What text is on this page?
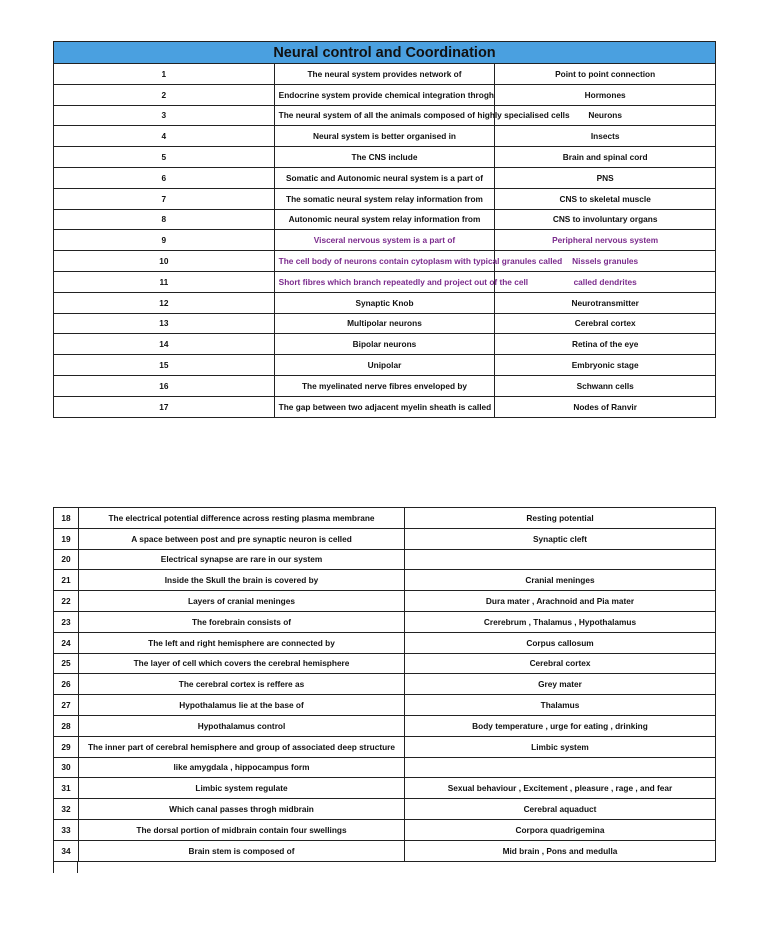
Neural control and Coordination		
1	The neural system provides network of	Point to point connection
2	Endocrine system provide chemical integration throgh	Hormones
3	The neural system of all the animals composed of highly specialised cells	Neurons
4	Neural system is better organised in	Insects
5	The CNS include	Brain and spinal cord
6	Somatic and Autonomic neural system is a part of	PNS
7	The somatic neural system relay information from	CNS to skeletal muscle
8	Autonomic neural system relay information from	CNS to involuntary organs
9	Visceral nervous system is a part of	Peripheral nervous system
10	The cell body of neurons contain cytoplasm with typical granules called	Nissels granules
11	Short fibres which branch repeatedly and project out of the cell	called dendrites
12	Synaptic Knob	Neurotransmitter
13	Multipolar neurons	Cerebral cortex
14	Bipolar neurons	Retina of the eye
15	Unipolar	Embryonic stage
16	The myelinated nerve fibres enveloped by	Schwann cells
17	The gap between two adjacent myelin sheath is called	Nodes of Ranvir
18	The electrical potential difference across resting plasma membrane	Resting potential
19	A space between post and pre synaptic neuron is celled	Synaptic cleft
20	Electrical synapse are rare in our system	
21	Inside the Skull the brain is covered by	Cranial meninges
22	Layers of cranial meninges	Dura mater , Arachnoid and Pia mater
23	The forebrain consists of	Crerebrum , Thalamus , Hypothalamus
24	The left and right hemisphere are connected by	Corpus callosum
25	The layer of cell which covers the cerebral hemisphere	Cerebral cortex
26	The cerebral cortex is reffere as	Grey mater
27	Hypothalamus lie at the base of	Thalamus
28	Hypothalamus control	Body temperature , urge for eating , drinking
29	The inner part of cerebral hemisphere and group of associated deep structure	Limbic system
30	like amygdala , hippocampus form	
31	Limbic system regulate	Sexual behaviour , Excitement , pleasure , rage , and fear
32	Which canal passes throgh midbrain	Cerebral aquaduct
33	The dorsal portion of midbrain contain four swellings	Corpora quadrigemina
34	Brain stem is composed of	Mid brain , Pons and medulla
